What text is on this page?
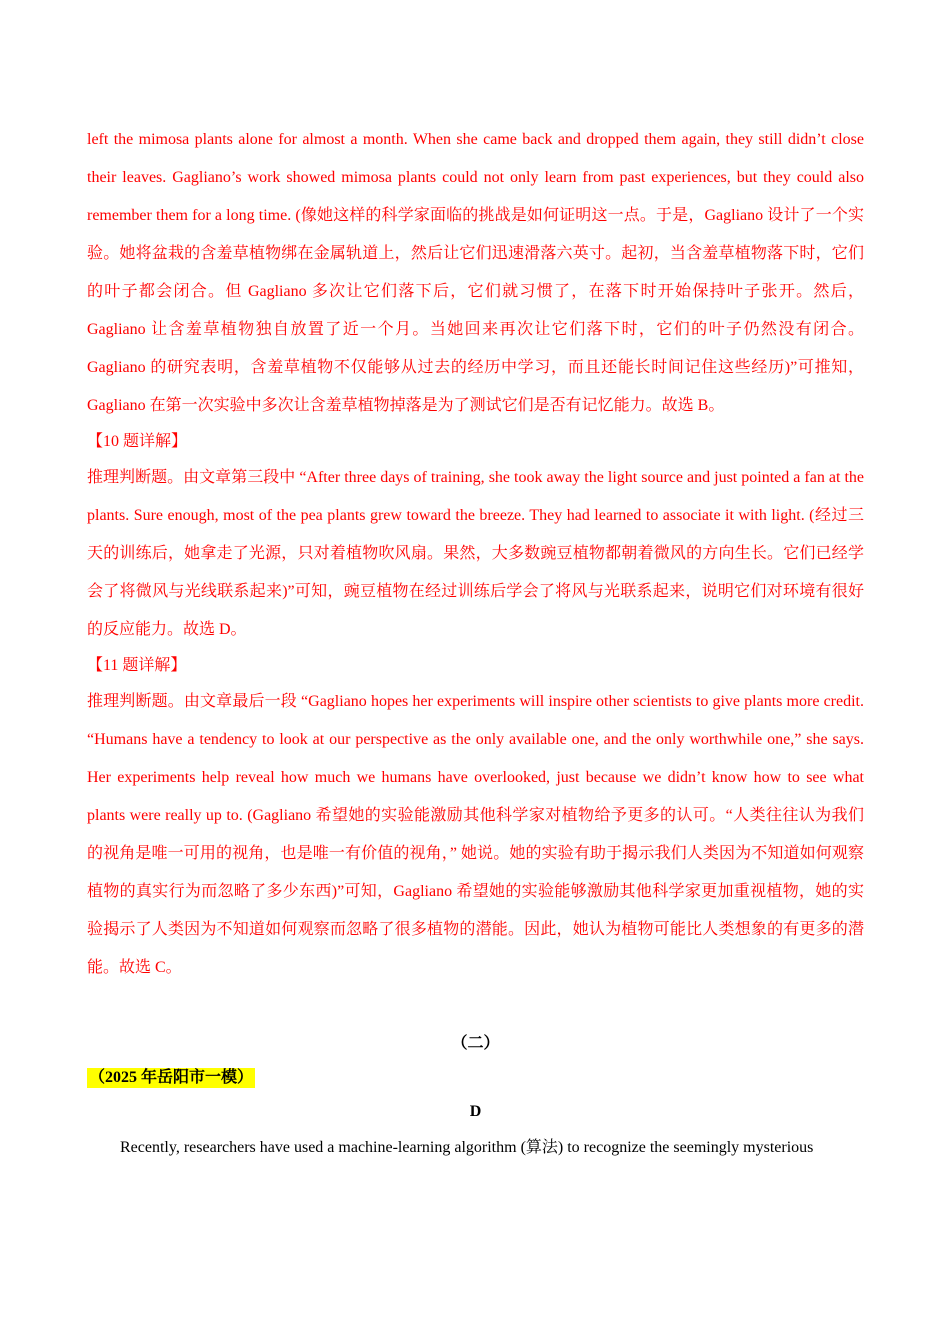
left the mimosa plants alone for almost a month. When she came back and dropped them again, they still didn’t close their leaves. Gagliano’s work showed mimosa plants could not only learn from past experiences, but they could also remember them for a long time. (像她这样的科学家面临的挑战是如何证明这一点。于是，Gagliano 设计了一个实验。她将盆栽的含羞草植物绑在金属轨道上，然后让它们迅速滑落六英寸。起初，当含羞草植物落下时，它们的叶子都会闭合。但 Gagliano 多次让它们落下后，它们就习惯了，在落下时开始保持叶子张开。然后，Gagliano 让含羞草植物独自放置了近一个月。当她回来再次让它们落下时，它们的叶子仍然没有闭合。Gagliano 的研究表明，含羞草植物不仅能够从过去的经历中学习，而且还能长时间记住这些经历)”可推知，Gagliano 在第一次实验中多次让含羞草植物掉落是为了测试它们是否有记忆能力。故选 B。

【10 题详解】

推理判断题。由文章第三段中 “After three days of training, she took away the light source and just pointed a fan at the plants. Sure enough, most of the pea plants grew toward the breeze. They had learned to associate it with light. (经过三天的训练后，她拿走了光源，只对着植物吹风扇。果然，大多数豌豆植物都朝着微风的方向生长。它们已经学会了将微风与光线联系起来)”可知，豌豆植物在经过训练后学会了将风与光联系起来，说明它们对环境有很好的反应能力。故选 D。

【11 题详解】

推理判断题。由文章最后一段 “Gagliano hopes her experiments will inspire other scientists to give plants more credit. “Humans have a tendency to look at our perspective as the only available one, and the only worthwhile one,” she says. Her experiments help reveal how much we humans have overlooked, just because we didn’t know how to see what plants were really up to. (Gagliano 希望她的实验能激励其他科学家对植物给予更多的认可。“人类往往认为我们的视角是唯一可用的视角，也是唯一有价值的视角，” 她说。她的实验有助于揭示我们人类因为不知道如何观察植物的真实行为而忽略了多少东西)”可知，Gagliano 希望她的实验能够激励其他科学家更加重视植物，她的实验揭示了人类因为不知道如何观察而忽略了很多植物的潜能。因此，她认为植物可能比人类想象的有更多的潜能。故选 C。

（二）

（2025 年岳阳市一模）

D

Recently, researchers have used a machine-learning algorithm (算法) to recognize the seemingly mysterious
